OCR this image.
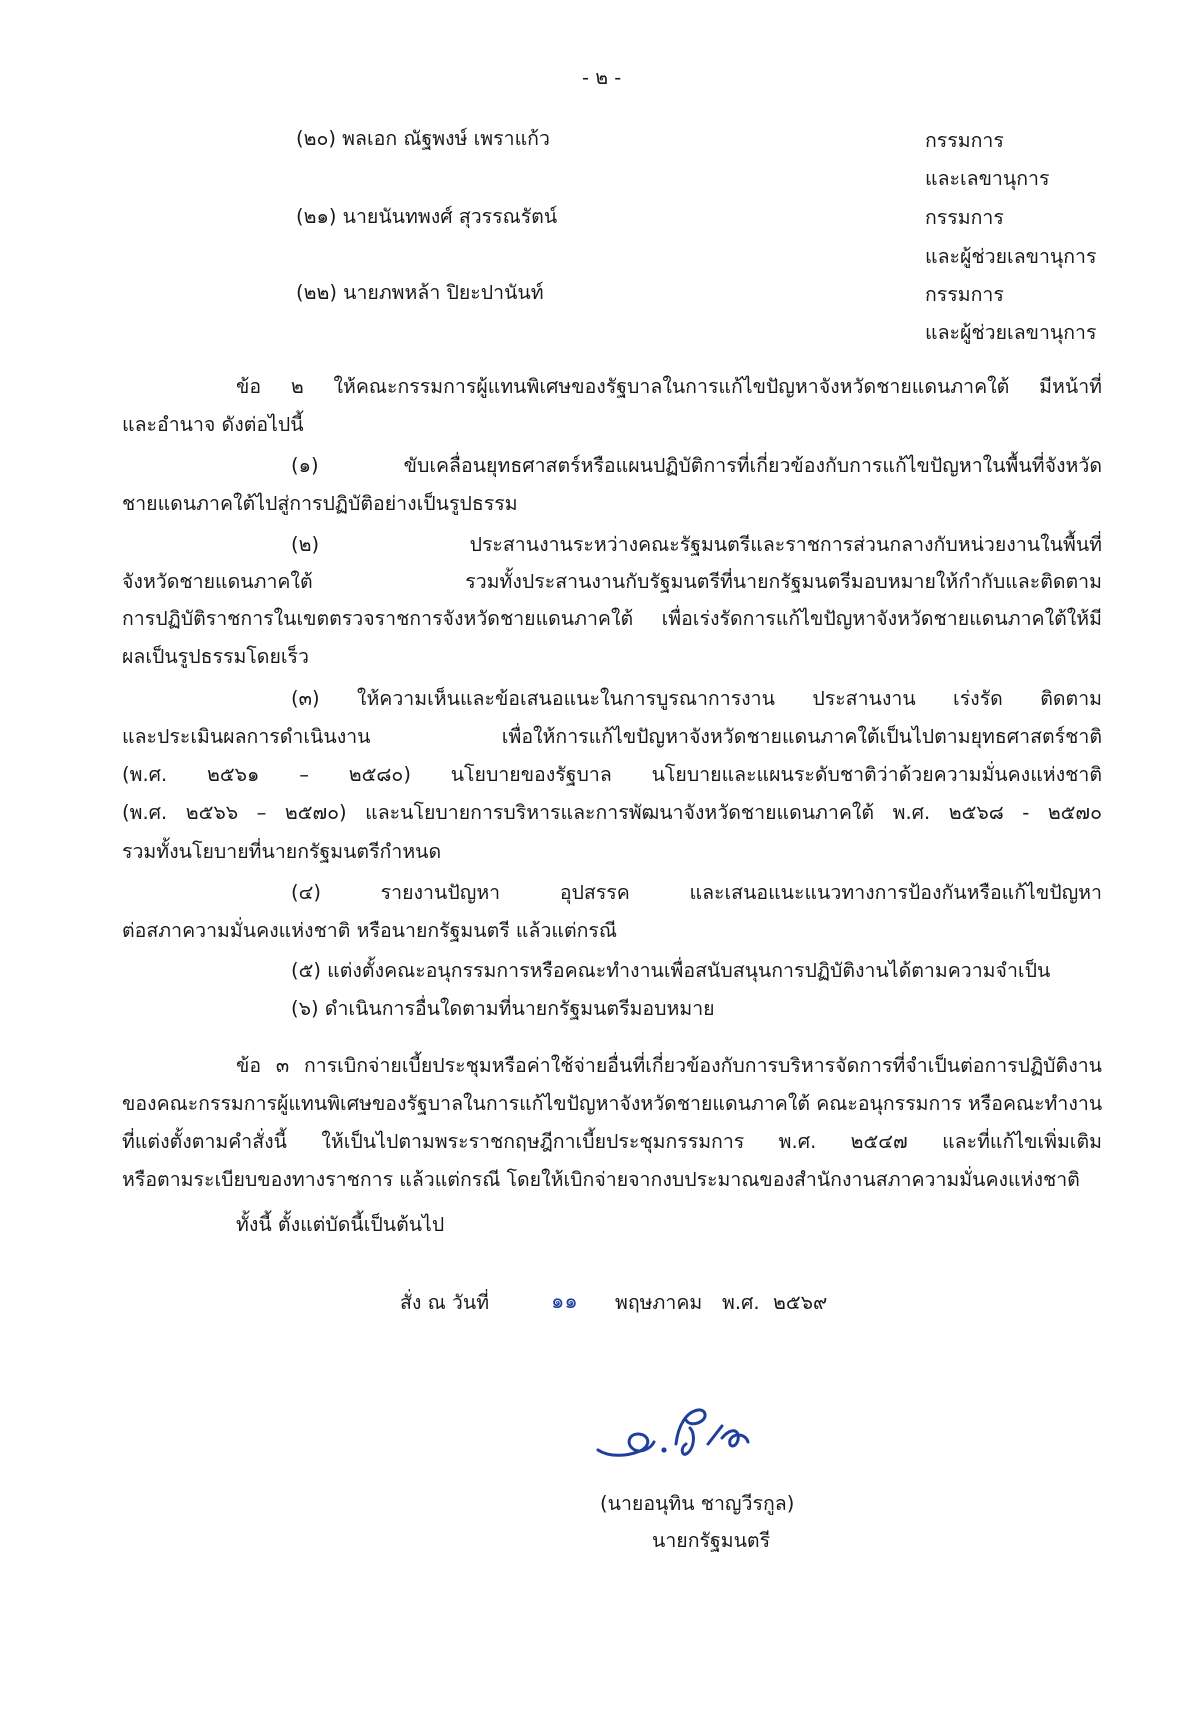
- ๒ -
(๒๐) พลเอก ณัฐพงษ์ เพราแก้ว	กรรมการ
และเลขานุการ
(๒๑) นายนันทพงศ์ สุวรรณรัตน์	กรรมการ
และผู้ช่วยเลขานุการ
(๒๒) นายภพหล้า ปิยะปานันท์	กรรมการ
และผู้ช่วยเลขานุการ
ข้อ ๒ ให้คณะกรรมการผู้แทนพิเศษของรัฐบาลในการแก้ไขปัญหาจังหวัดชายแดนภาคใต้ มีหน้าที่
และอำนาจ ดังต่อไปนี้
(๑) ขับเคลื่อนยุทธศาสตร์หรือแผนปฏิบัติการที่เกี่ยวข้องกับการแก้ไขปัญหาในพื้นที่จังหวัด
ชายแดนภาคใต้ไปสู่การปฏิบัติอย่างเป็นรูปธรรม
(๒) ประสานงานระหว่างคณะรัฐมนตรีและราชการส่วนกลางกับหน่วยงานในพื้นที่
จังหวัดชายแดนภาคใต้ รวมทั้งประสานงานกับรัฐมนตรีที่นายกรัฐมนตรีมอบหมายให้กำกับและติดตาม
การปฏิบัติราชการในเขตตรวจราชการจังหวัดชายแดนภาคใต้ เพื่อเร่งรัดการแก้ไขปัญหาจังหวัดชายแดนภาคใต้ให้มี
ผลเป็นรูปธรรมโดยเร็ว
(๓) ให้ความเห็นและข้อเสนอแนะในการบูรณาการงาน ประสานงาน เร่งรัด ติดตาม
และประเมินผลการดำเนินงาน เพื่อให้การแก้ไขปัญหาจังหวัดชายแดนภาคใต้เป็นไปตามยุทธศาสตร์ชาติ
(พ.ศ. ๒๕๖๑ – ๒๕๘๐) นโยบายของรัฐบาล นโยบายและแผนระดับชาติว่าด้วยความมั่นคงแห่งชาติ
(พ.ศ. ๒๕๖๖ – ๒๕๗๐) และนโยบายการบริหารและการพัฒนาจังหวัดชายแดนภาคใต้ พ.ศ. ๒๕๖๘ - ๒๕๗๐
รวมทั้งนโยบายที่นายกรัฐมนตรีกำหนด
(๔) รายงานปัญหา อุปสรรค และเสนอแนะแนวทางการป้องกันหรือแก้ไขปัญหา
ต่อสภาความมั่นคงแห่งชาติ หรือนายกรัฐมนตรี แล้วแต่กรณี
(๕) แต่งตั้งคณะอนุกรรมการหรือคณะทำงานเพื่อสนับสนุนการปฏิบัติงานได้ตามความจำเป็น
(๖) ดำเนินการอื่นใดตามที่นายกรัฐมนตรีมอบหมาย
ข้อ ๓ การเบิกจ่ายเบี้ยประชุมหรือค่าใช้จ่ายอื่นที่เกี่ยวข้องกับการบริหารจัดการที่จำเป็นต่อการปฏิบัติงาน
ของคณะกรรมการผู้แทนพิเศษของรัฐบาลในการแก้ไขปัญหาจังหวัดชายแดนภาคใต้ คณะอนุกรรมการ หรือคณะทำงาน
ที่แต่งตั้งตามคำสั่งนี้ ให้เป็นไปตามพระราชกฤษฎีกาเบี้ยประชุมกรรมการ พ.ศ. ๒๕๔๗ และที่แก้ไขเพิ่มเติม
หรือตามระเบียบของทางราชการ แล้วแต่กรณี โดยให้เบิกจ่ายจากงบประมาณของสำนักงานสภาความมั่นคงแห่งชาติ
ทั้งนี้ ตั้งแต่บัดนี้เป็นต้นไป
สั่ง ณ วันที่	๑๑ พฤษภาคม พ.ศ. ๒๕๖๙
(นายอนุทิน ชาญวีรกูล)
นายกรัฐมนตรี
